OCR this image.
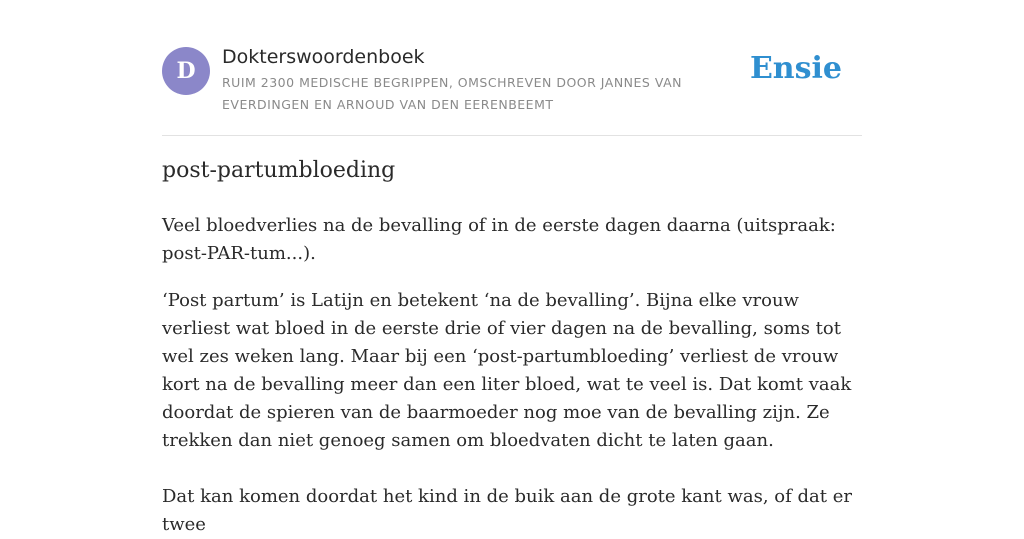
D
Dokterswoordenboek
RUIM 2300 MEDISCHE BEGRIPPEN, OMSCHREVEN DOOR JANNES VAN EVERDINGEN EN ARNOUD VAN DEN EERENBEEMT
Ensie
post-partumbloeding

Veel bloedverlies na de bevalling of in de eerste dagen daarna (uitspraak: post-PAR-tum...).

‘Post partum’ is Latijn en betekent ‘na de bevalling’. Bijna elke vrouw verliest wat bloed in de eerste drie of vier dagen na de bevalling, soms tot wel zes weken lang. Maar bij een ‘post-partumbloeding’ verliest de vrouw kort na de bevalling meer dan een liter bloed, wat te veel is. Dat komt vaak doordat de spieren van de baarmoeder nog moe van de bevalling zijn. Ze trekken dan niet genoeg samen om bloedvaten dicht te laten gaan.

Dat kan komen doordat het kind in de buik aan de grote kant was, of dat er twee
